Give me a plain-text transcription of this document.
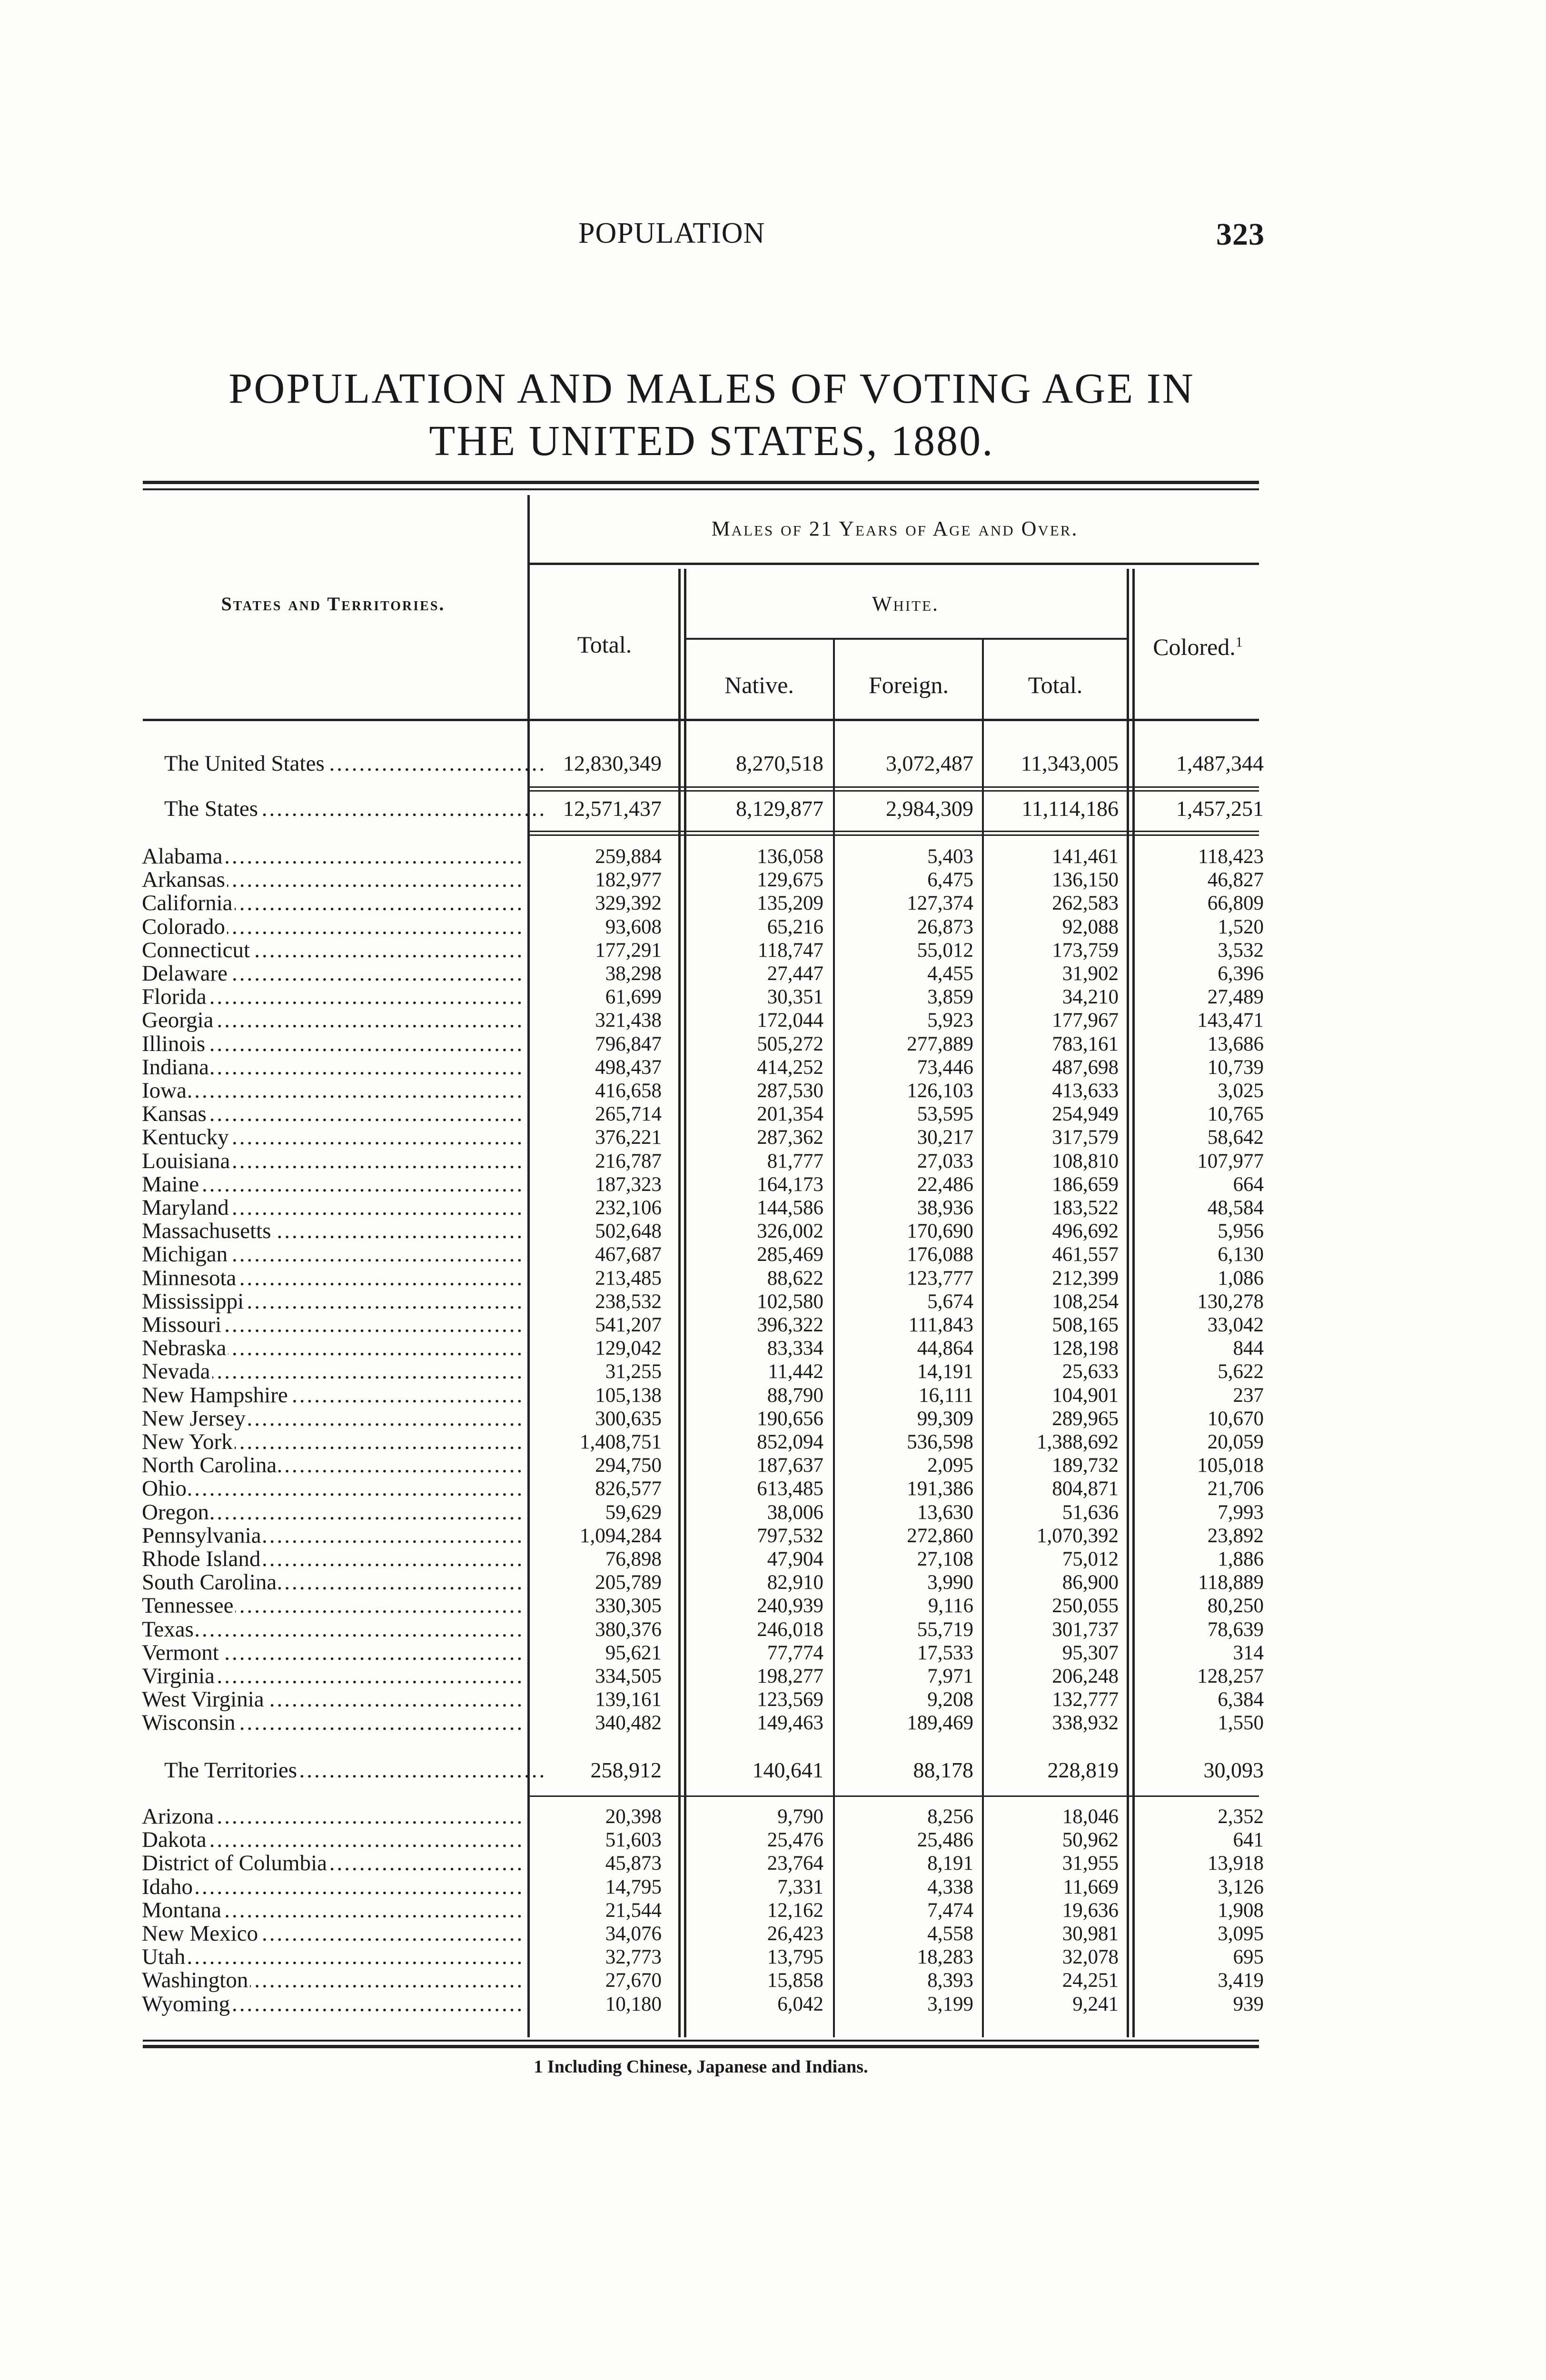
POPULATION	323
POPULATION AND MALES OF VOTING AGE IN
THE UNITED STATES, 1880.
Males of 21 Years of Age and Over.
States and Territories.
Total.
White.
Native.	Foreign.	Total.
Colored.$^1$
The United States .....	12,830,349	8,270,518	3,072,487	11,343,005	1,487,344
The States .....	12,571,437	8,129,877	2,984,309	11,114,186	1,457,251
Alabama .....	259,884	136,058	5,403	141,461	118,423
Arkansas .....	182,977	129,675	6,475	136,150	46,827
California .....	329,392	135,209	127,374	262,583	66,809
Colorado .....	93,608	65,216	26,873	92,088	1,520
Connecticut .....	177,291	118,747	55,012	173,759	3,532
Delaware .....	38,298	27,447	4,455	31,902	6,396
Florida .....	61,699	30,351	3,859	34,210	27,489
Georgia .....	321,438	172,044	5,923	177,967	143,471
Illinois .....	796,847	505,272	277,889	783,161	13,686
Indiana .....	498,437	414,252	73,446	487,698	10,739
Iowa .....	416,658	287,530	126,103	413,633	3,025
Kansas .....	265,714	201,354	53,595	254,949	10,765
Kentucky .....	376,221	287,362	30,217	317,579	58,642
Louisiana .....	216,787	81,777	27,033	108,810	107,977
Maine .....	187,323	164,173	22,486	186,659	664
Maryland .....	232,106	144,586	38,936	183,522	48,584
Massachusetts .....	502,648	326,002	170,690	496,692	5,956
Michigan .....	467,687	285,469	176,088	461,557	6,130
Minnesota .....	213,485	88,622	123,777	212,399	1,086
Mississippi .....	238,532	102,580	5,674	108,254	130,278
Missouri .....	541,207	396,322	111,843	508,165	33,042
Nebraska .....	129,042	83,334	44,864	128,198	844
Nevada .....	31,255	11,442	14,191	25,633	5,622
New Hampshire .....	105,138	88,790	16,111	104,901	237
New Jersey .....	300,635	190,656	99,309	289,965	10,670
New York .....	1,408,751	852,094	536,598	1,388,692	20,059
North Carolina .....	294,750	187,637	2,095	189,732	105,018
Ohio .....	826,577	613,485	191,386	804,871	21,706
Oregon .....	59,629	38,006	13,630	51,636	7,993
Pennsylvania .....	1,094,284	797,532	272,860	1,070,392	23,892
Rhode Island .....	76,898	47,904	27,108	75,012	1,886
South Carolina .....	205,789	82,910	3,990	86,900	118,889
Tennessee .....	330,305	240,939	9,116	250,055	80,250
Texas .....	380,376	246,018	55,719	301,737	78,639
Vermont .....	95,621	77,774	17,533	95,307	314
Virginia .....	334,505	198,277	7,971	206,248	128,257
West Virginia .....	139,161	123,569	9,208	132,777	6,384
Wisconsin .....	340,482	149,463	189,469	338,932	1,550
The Territories .....	258,912	140,641	88,178	228,819	30,093
Arizona .....	20,398	9,790	8,256	18,046	2,352
Dakota .....	51,603	25,476	25,486	50,962	641
District of Columbia .....	45,873	23,764	8,191	31,955	13,918
Idaho .....	14,795	7,331	4,338	11,669	3,126
Montana .....	21,544	12,162	7,474	19,636	1,908
New Mexico .....	34,076	26,423	4,558	30,981	3,095
Utah .....	32,773	13,795	18,283	32,078	695
Washington .....	27,670	15,858	8,393	24,251	3,419
Wyoming .....	10,180	6,042	3,199	9,241	939
1 Including Chinese, Japanese and Indians.
